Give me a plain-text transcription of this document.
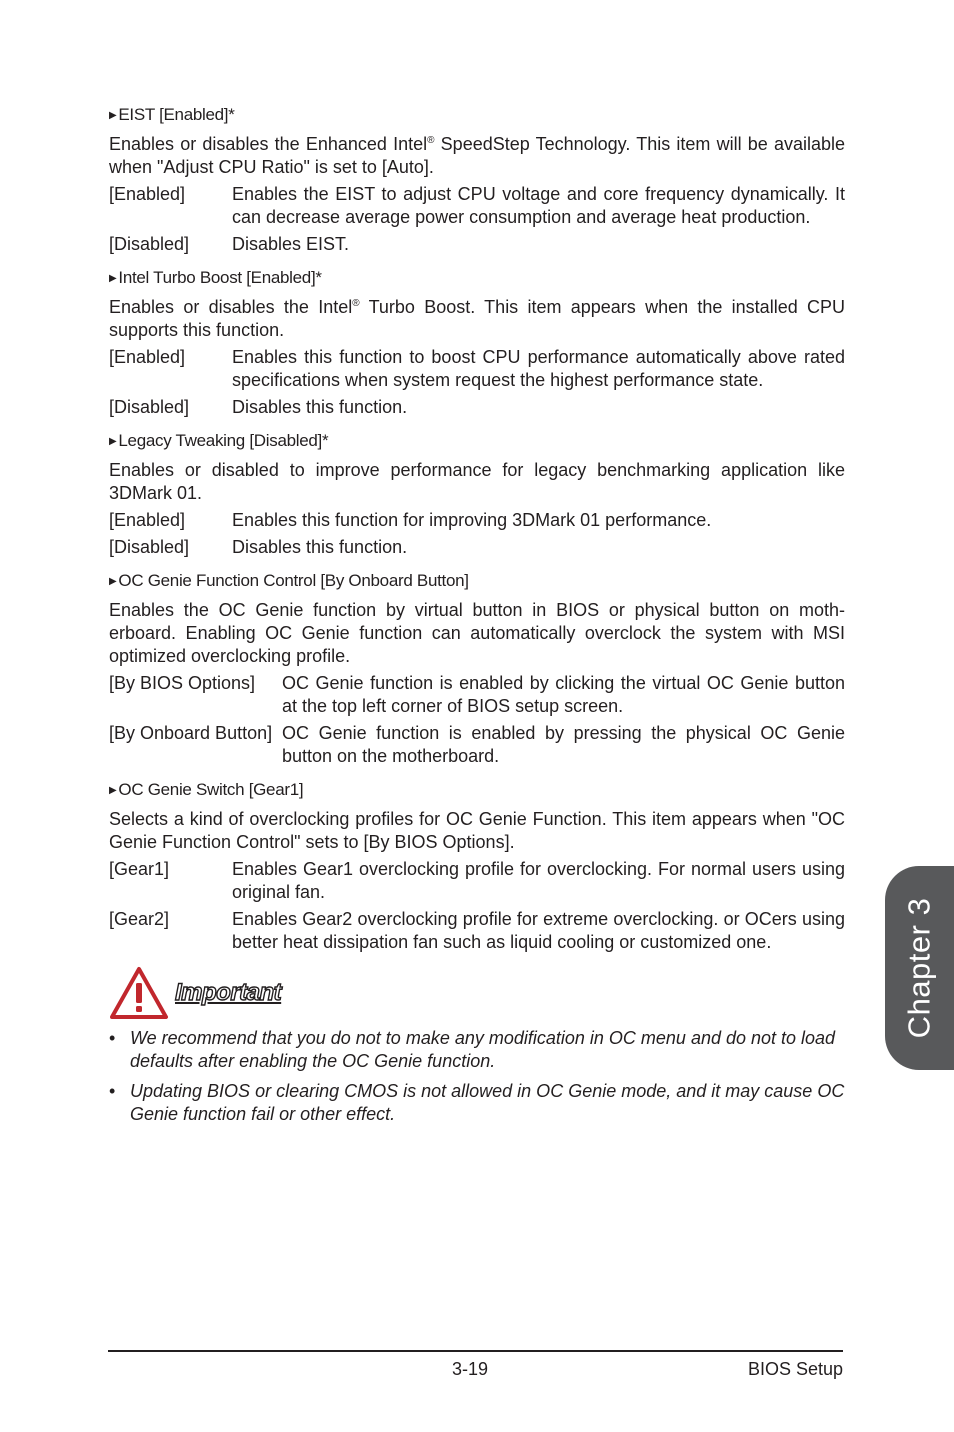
▶ EIST [Enabled]*
Enables or disables the Enhanced Intel® SpeedStep Technology. This item will be available when "Adjust CPU Ratio" is set to [Auto].
[Enabled]	Enables the EIST to adjust CPU voltage and core frequency dynamically. It can decrease average power consumption and average heat production.
[Disabled]	Disables EIST.
▶ Intel Turbo Boost [Enabled]*
Enables or disables the Intel® Turbo Boost. This item appears when the installed CPU supports this function.
[Enabled]	Enables this function to boost CPU performance automatically above rated specifications when system request the highest performance state.
[Disabled]	Disables this function.
▶ Legacy Tweaking [Disabled]*
Enables or disabled to improve performance for legacy benchmarking application like 3DMark 01.
[Enabled]	Enables this function for improving 3DMark 01 performance.
[Disabled]	Disables this function.
▶ OC Genie Function Control [By Onboard Button]
Enables the OC Genie function by virtual button in BIOS or physical button on moth-erboard. Enabling OC Genie function can automatically overclock the system with MSI optimized overclocking profile.
[By BIOS Options]	OC Genie function is enabled by clicking the virtual OC Genie button at the top left corner of BIOS setup screen.
[By Onboard Button] OC Genie function is enabled by pressing the physical OC Genie button on the motherboard.
▶ OC Genie Switch [Gear1]
Selects a kind of overclocking profiles for OC Genie Function. This item appears when "OC Genie Function Control" sets to [By BIOS Options].
[Gear1]	Enables Gear1 overclocking profile for overclocking. For normal users using original fan.
[Gear2]	Enables Gear2 overclocking profile for extreme overclocking. or OCers using better heat dissipation fan such as liquid cooling or customized one.
Important
• We recommend that you do not to make any modification in OC menu and do not to load defaults after enabling the OC Genie function.
• Updating BIOS or clearing CMOS is not allowed in OC Genie mode, and it may cause OC Genie function fail or other effect.
Chapter 3
3-19	BIOS Setup
